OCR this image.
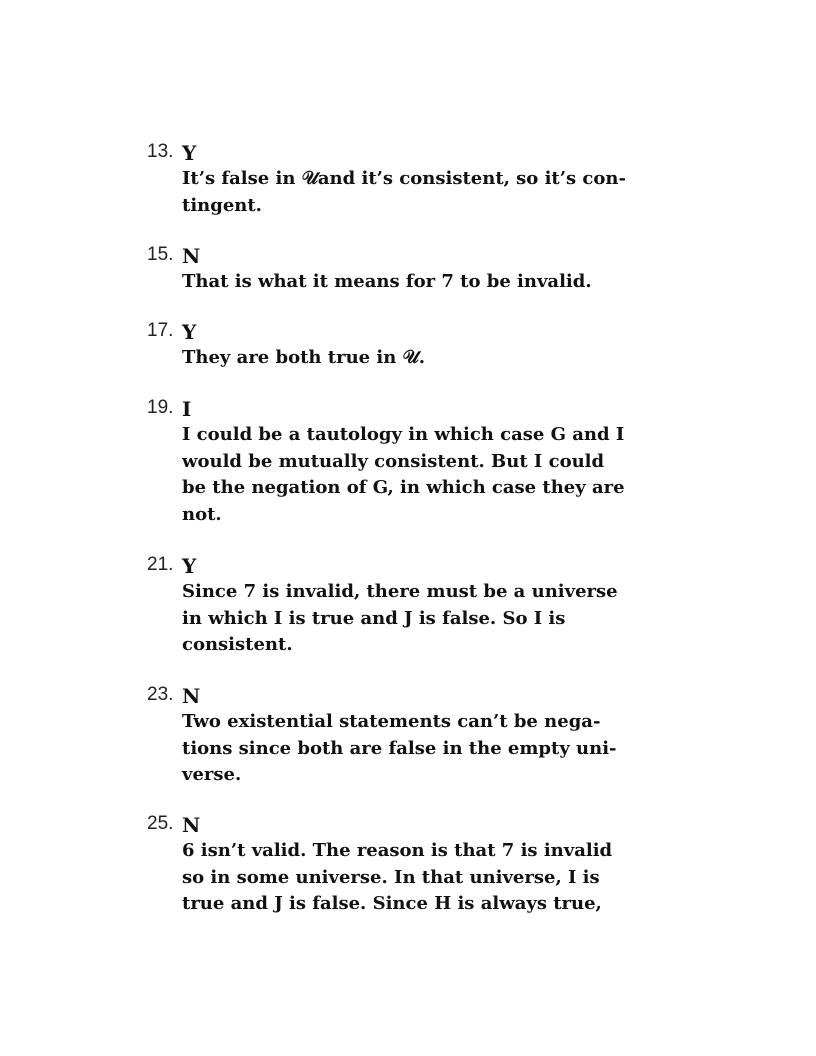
13. Y
It’s false in 𝒰and it’s consistent, so it’s con-
tingent.
15. N
That is what it means for 7 to be invalid.
17. Y
They are both true in 𝒰.
19. I
I could be a tautology in which case G and I
would be mutually consistent. But I could
be the negation of G, in which case they are
not.
21. Y
Since 7 is invalid, there must be a universe
in which I is true and J is false. So I is
consistent.
23. N
Two existential statements can’t be nega-
tions since both are false in the empty uni-
verse.
25. N
6 isn’t valid. The reason is that 7 is invalid
so in some universe. In that universe, I is
true and J is false. Since H is always true,
